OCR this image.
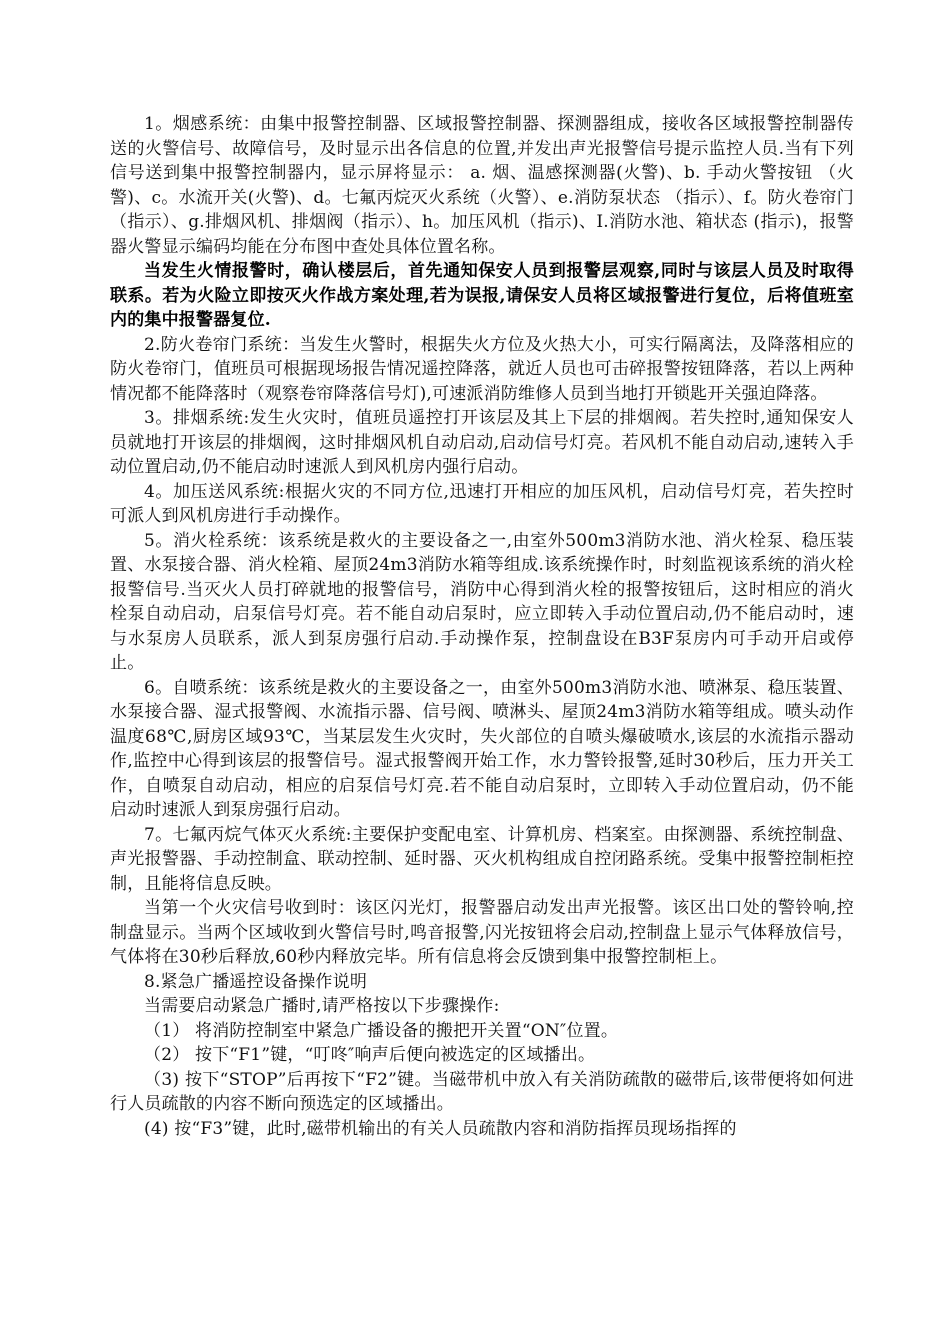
1。烟感系统：由集中报警控制器、区域报警控制器、探测器组成，接收各区域报警控制器传送的火警信号、故障信号，及时显示出各信息的位置,并发出声光报警信号提示监控人员.当有下列信号送到集中报警控制器内，显示屏将显示： a. 烟、温感探测器(火警)、b. 手动火警按钮 （火警)、c。水流开关(火警)、d。七氟丙烷灭火系统（火警）、e.消防泵状态 （指示）、f。防火卷帘门（指示）、g.排烟风机、排烟阀（指示）、h。加压风机（指示)、I.消防水池、箱状态 (指示)，报警器火警显示编码均能在分布图中查处具体位置名称。

当发生火情报警时，确认楼层后，首先通知保安人员到报警层观察,同时与该层人员及时取得联系。若为火险立即按灭火作战方案处理,若为误报,请保安人员将区域报警进行复位，后将值班室内的集中报警器复位.

2.防火卷帘门系统：当发生火警时，根据失火方位及火热大小，可实行隔离法，及降落相应的防火卷帘门，值班员可根据现场报告情况遥控降落，就近人员也可击碎报警按钮降落，若以上两种情况都不能降落时（观察卷帘降落信号灯),可速派消防维修人员到当地打开锁匙开关强迫降落。

3。排烟系统:发生火灾时，值班员遥控打开该层及其上下层的排烟阀。若失控时,通知保安人员就地打开该层的排烟阀，这时排烟风机自动启动,启动信号灯亮。若风机不能自动启动,速转入手动位置启动,仍不能启动时速派人到风机房内强行启动。

4。加压送风系统:根据火灾的不同方位,迅速打开相应的加压风机，启动信号灯亮，若失控时可派人到风机房进行手动操作。

5。消火栓系统：该系统是救火的主要设备之一,由室外500m3消防水池、消火栓泵、稳压装置、水泵接合器、消火栓箱、屋顶24m3消防水箱等组成.该系统操作时，时刻监视该系统的消火栓报警信号.当灭火人员打碎就地的报警信号，消防中心得到消火栓的报警按钮后，这时相应的消火栓泵自动启动，启泵信号灯亮。若不能自动启泵时，应立即转入手动位置启动,仍不能启动时，速与水泵房人员联系，派人到泵房强行启动.手动操作泵，控制盘设在B3F泵房内可手动开启或停止。

6。自喷系统：该系统是救火的主要设备之一，由室外500m3消防水池、喷淋泵、稳压装置、水泵接合器、湿式报警阀、水流指示器、信号阀、喷淋头、屋顶24m3消防水箱等组成。喷头动作温度68℃,厨房区域93℃，当某层发生火灾时，失火部位的自喷头爆破喷水,该层的水流指示器动作,监控中心得到该层的报警信号。湿式报警阀开始工作，水力警铃报警,延时30秒后，压力开关工作，自喷泵自动启动，相应的启泵信号灯亮.若不能自动启泵时，立即转入手动位置启动，仍不能启动时速派人到泵房强行启动。

7。七氟丙烷气体灭火系统:主要保护变配电室、计算机房、档案室。由探测器、系统控制盘、声光报警器、手动控制盒、联动控制、延时器、灭火机构组成自控闭路系统。受集中报警控制柜控制，且能将信息反映。

当第一个火灾信号收到时：该区闪光灯，报警器启动发出声光报警。该区出口处的警铃响,控制盘显示。当两个区域收到火警信号时,鸣音报警,闪光按钮将会启动,控制盘上显示气体释放信号，气体将在30秒后释放,60秒内释放完毕。所有信息将会反馈到集中报警控制柜上。

8.紧急广播遥控设备操作说明

当需要启动紧急广播时,请严格按以下步骤操作:

（1） 将消防控制室中紧急广播设备的搬把开关置“ON″位置。

（2） 按下“F1”键，“叮咚″响声后便向被选定的区域播出。

（3) 按下“STOP”后再按下“F2”键。当磁带机中放入有关消防疏散的磁带后,该带便将如何进行人员疏散的内容不断向预选定的区域播出。

(4) 按“F3”键，此时,磁带机输出的有关人员疏散内容和消防指挥员现场指挥的
